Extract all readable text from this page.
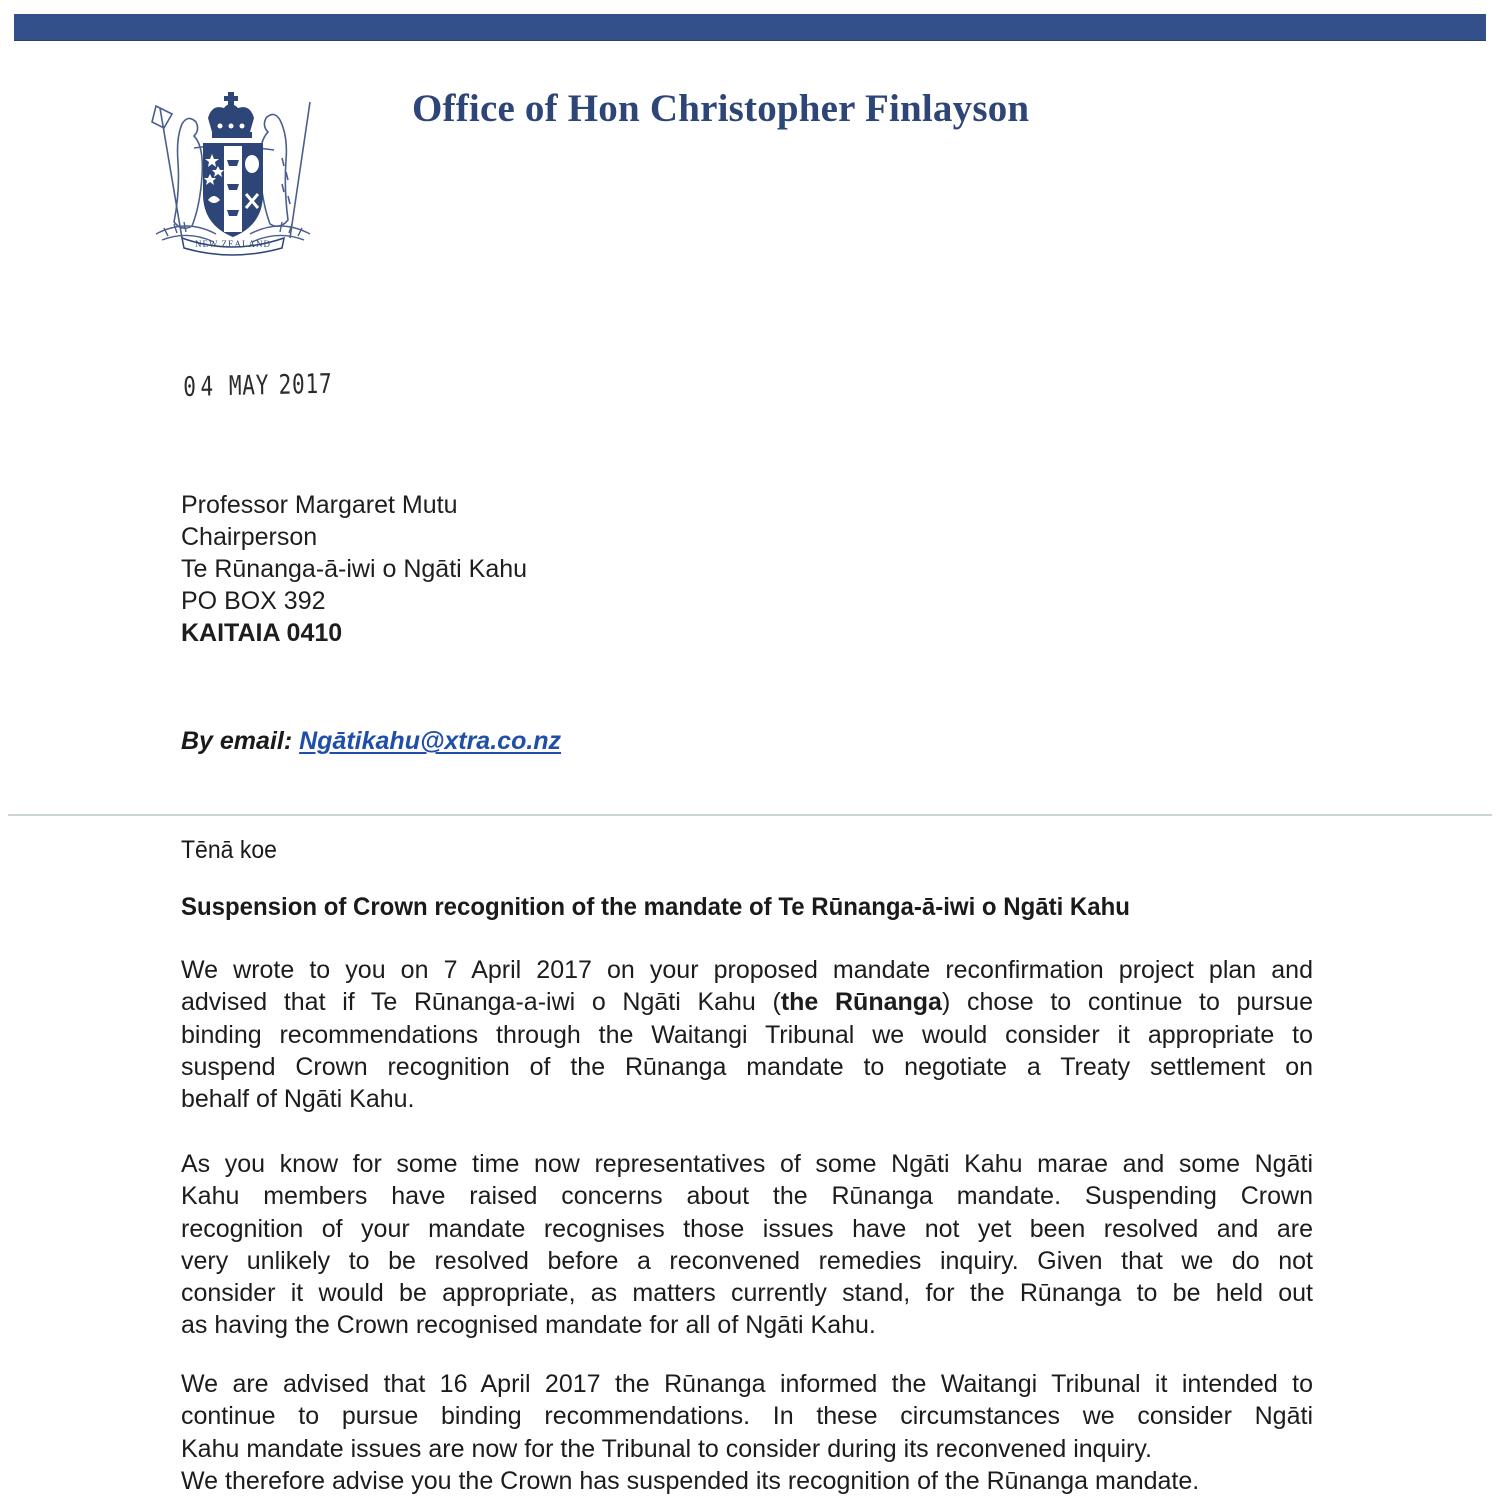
NEW ZEALAND
Office of Hon Christopher Finlayson
04 MAY 2017
Professor Margaret Mutu
Chairperson
Te Rūnanga-ā-iwi o Ngāti Kahu
PO BOX 392
KAITAIA 0410
By email: Ngātikahu@xtra.co.nz
Tēnā koe
Suspension of Crown recognition of the mandate of Te Rūnanga-ā-iwi o Ngāti Kahu
We wrote to you on 7 April 2017 on your proposed mandate reconfirmation project plan and
advised that if Te Rūnanga-a-iwi o Ngāti Kahu (the Rūnanga) chose to continue to pursue
binding recommendations through the Waitangi Tribunal we would consider it appropriate to
suspend Crown recognition of the Rūnanga mandate to negotiate a Treaty settlement on
behalf of Ngāti Kahu.
As you know for some time now representatives of some Ngāti Kahu marae and some Ngāti
Kahu members have raised concerns about the Rūnanga mandate. Suspending Crown
recognition of your mandate recognises those issues have not yet been resolved and are
very unlikely to be resolved before a reconvened remedies inquiry. Given that we do not
consider it would be appropriate, as matters currently stand, for the Rūnanga to be held out
as having the Crown recognised mandate for all of Ngāti Kahu.
We are advised that 16 April 2017 the Rūnanga informed the Waitangi Tribunal it intended to
continue to pursue binding recommendations. In these circumstances we consider Ngāti
Kahu mandate issues are now for the Tribunal to consider during its reconvened inquiry.
We therefore advise you the Crown has suspended its recognition of the Rūnanga mandate.
